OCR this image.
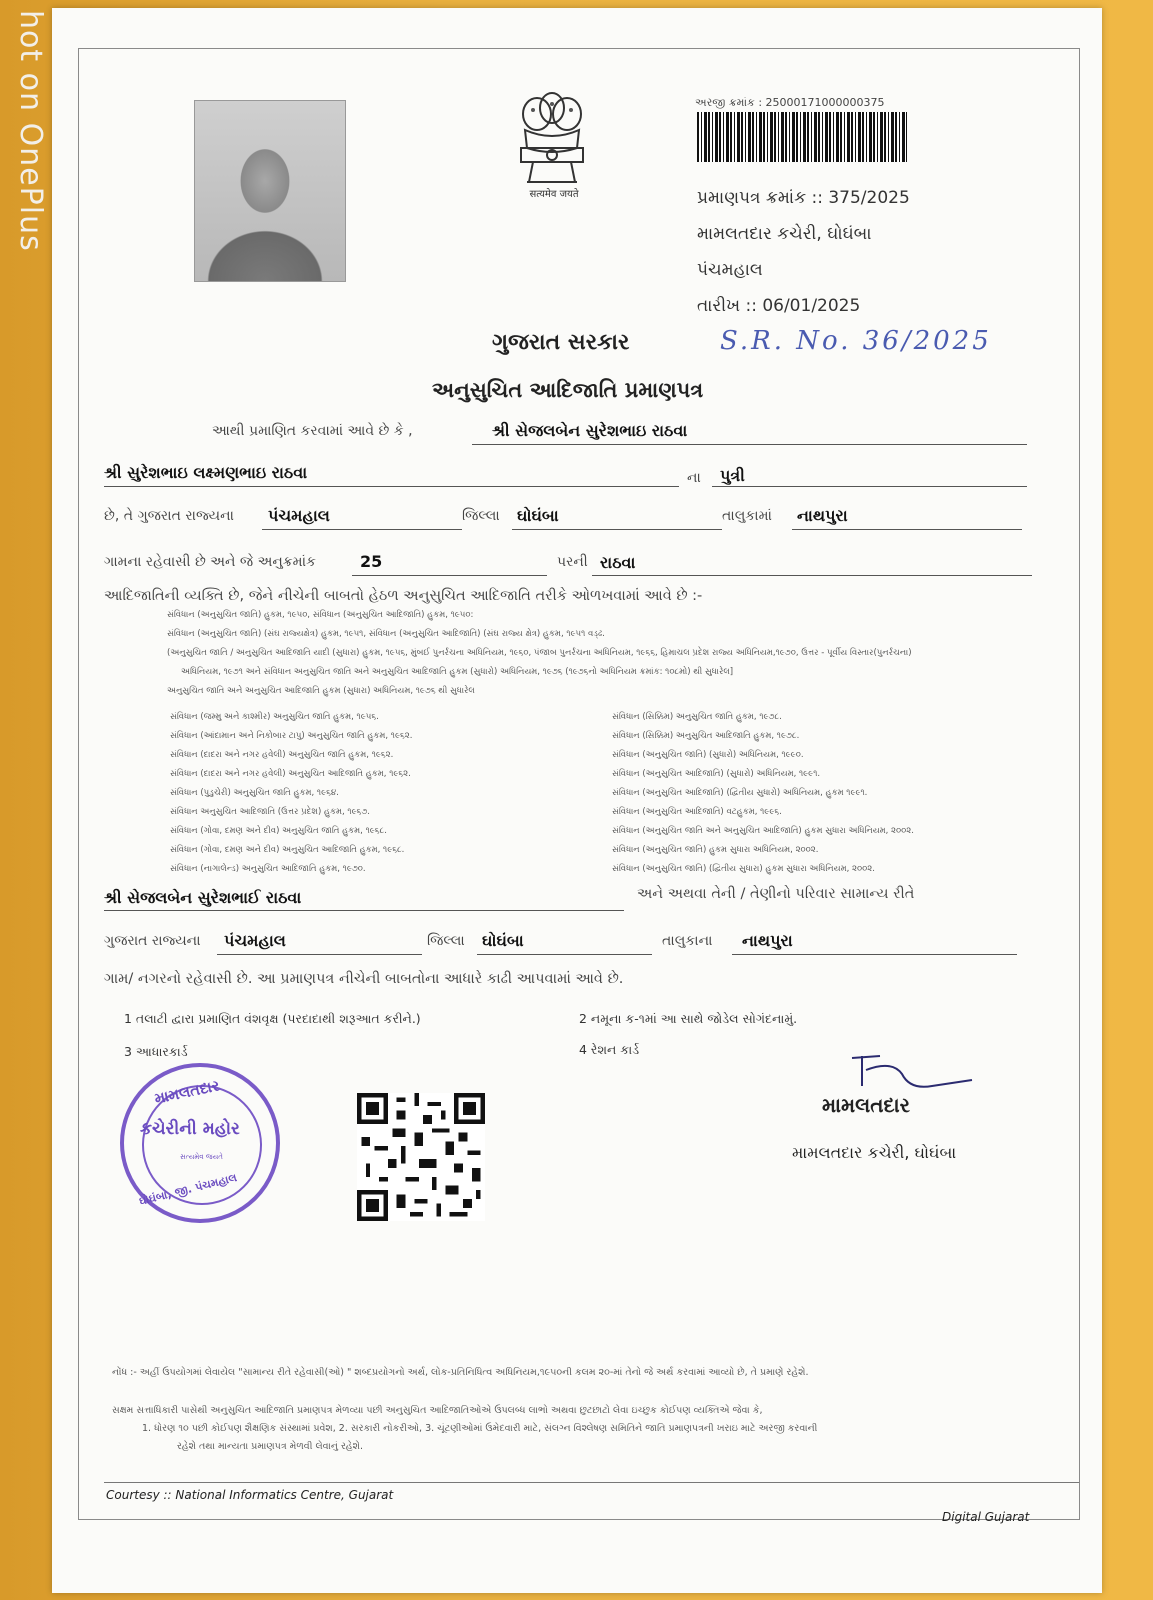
hot on OnePlus	सत्यमेव जयते
અરજી ક્રમાંક : 25000171000000375
પ્રમાણપત્ર ક્રમાંક :: 375/2025
મામલતદાર કચેરી, ઘોઘંબા
પંચમહાલ
તારીખ :: 06/01/2025
ગુજરાત સરકાર	S.R. No. 36/2025
અનુસુચિત આદિજાતિ પ્રમાણપત્ર
આથી પ્રમાણિત કરવામાં આવે છે કે ,	શ્રી સેજલબેન સુરેશભાઇ રાઠવા
શ્રી સુરેશભાઇ લક્ષ્મણભાઇ રાઠવા	ના પુત્રી
છે, તે ગુજરાત રાજ્યના પંચમહાલ	જિલ્લા ઘોઘંબા	તાલુકામાં નાથપુરા
ગામના રહેવાસી છે અને જે અનુક્રમાંક	25	પરની રાઠવા
આદિજાતિની વ્યક્તિ છે, જેને નીચેની બાબતો હેઠળ અનુસુચિત આદિજાતિ તરીકે ઓળખવામાં આવે છે :-
સંવિધાન (અનુસુચિત જાતિ) હુકમ, ૧૯૫૦, સંવિધાન (અનુસુચિત આદિજાતિ) હુકમ, ૧૯૫૦:
સંવિધાન (અનુસુચિત જાતિ) (સંઘ રાજ્યક્ષેત્ર) હુકમ, ૧૯૫૧, સંવિધાન (અનુસુચિત આદિજાતિ) (સંઘ રાજ્ય ક્ષેત્ર) હુકમ, ૧૯૫૧ વડ્ઢ.
(અનુસુચિત જાતિ / અનુસુચિત આદિજાતિ યાદી (સુધારા) હુકમ, ૧૯૫૬, મુંબઈ પુનર્રચના અધિનિયમ, ૧૯૬૦, પંજાબ પુનર્રચના અધિનિયમ, ૧૯૬૬, હિમાચલ પ્રદેશ રાજ્ય અધિનિયમ,૧૯૭૦, ઉત્તર - પૂર્વીય વિસ્તાર(પુનર્રચના)
અધિનિયમ, ૧૯૭૧ અને સંવિધાન અનુસુચિત જાતિ અને અનુસુચિત આદિજાતિ હુકમ (સુધારો) અધિનિયમ, ૧૯૭૬ (૧૯૭૬નો અધિનિયમ ક્રમાંક: ૧૦૮મો) થી સુધારેલ]
અનુસુચિત જાતિ અને અનુસુચિત આદિજાતિ હુકમ (સુધારા) અધિનિયમ, ૧૯૭૬ થી સુધારેલ
સંવિધાન (જમ્મુ અને કાશ્મીર) અનુસુચિત જાતિ હુકમ, ૧૯૫૬.
સંવિધાન (આંદામાન અને નિકોબાર ટાપુ) અનુસુચિત જાતિ હુકમ, ૧૯૬૨.
સંવિધાન (દાદરા અને નગર હવેલી) અનુસુચિત જાતિ હુકમ, ૧૯૬૨.
સંવિધાન (દાદરા અને નગર હવેલી) અનુસુચિત આદિજાતિ હુકમ, ૧૯૬૨.
સંવિધાન (પુડુચેરી) અનુસુચિત જાતિ હુકમ, ૧૯૬૪.
સંવિધાન અનુસુચિત આદિજાતિ (ઉત્તર પ્રદેશ) હુકમ, ૧૯૬૭.
સંવિધાન (ગોવા, દમણ અને દીવ) અનુસુચિત જાતિ હુકમ, ૧૯૬૮.
સંવિધાન (ગોવા, દમણ અને દીવ) અનુસુચિત આદિજાતિ હુકમ, ૧૯૬૮.
સંવિધાન (નાગાલેન્ડ) અનુસુચિત આદિજાતિ હુકમ, ૧૯૭૦.
સંવિધાન (સિક્કિમ) અનુસુચિત જાતિ હુકમ, ૧૯૭૮.
સંવિધાન (સિક્કિમ) અનુસુચિત આદિજાતિ હુકમ, ૧૯૭૮.
સંવિધાન (અનુસુચિત જાતિ) (સુધારો) અધિનિયમ, ૧૯૯૦.
સંવિધાન (અનુસુચિત આદિજાતિ) (સુધારો) અધિનિયમ, ૧૯૯૧.
સંવિધાન (અનુસુચિત આદિજાતિ) (દ્વિતીય સુધારો) અધિનિયમ, હુકમ ૧૯૯૧.
સંવિધાન (અનુસુચિત આદિજાતિ) વટહુકમ, ૧૯૯૬.
સંવિધાન (અનુસુચિત જાતિ અને અનુસુચિત આદિજાતિ) હુકમ સુધારા અધિનિયમ, ૨૦૦૨.
સંવિધાન (અનુસુચિત જાતિ) હુકમ સુધારા અધિનિયમ, ૨૦૦૨.
સંવિધાન (અનુસુચિત જાતિ) (દ્વિતીય સુધારા) હુકમ સુધારા અધિનિયમ, ૨૦૦૨.
શ્રી સેજલબેન સુરેશભાઈ રાઠવા	અને અથવા તેની / તેણીનો પરિવાર સામાન્ય રીતે
ગુજરાત રાજ્યના પંચમહાલ	જિલ્લા ઘોઘંબા	તાલુકાના નાથપુરા
ગામ/ નગરનો રહેવાસી છે. આ પ્રમાણપત્ર નીચેની બાબતોના આધારે કાઢી આપવામાં આવે છે.
1 તલાટી દ્વારા પ્રમાણિત વંશવૃક્ષ (પરદાદાથી શરૂઆત કરીને.)	2 નમૂના ક-૧માં આ સાથે જોડેલ સોગંદનામું.
3 આધારકાર્ડ	4 રેશન કાર્ડ
મામલતદાર
કચેરીની મહોર
સત્યમેવ જયતે
ઘોઘંબા, જી. પંચમહાલ
મામલતદાર
મામલતદાર કચેરી, ઘોઘંબા
નોંધ :- અહીં ઉપયોગમાં લેવાયેલ "સામાન્ય રીતે રહેવાસી(ઓ) " શબ્દપ્રયોગનો અર્થ, લોક-પ્રતિનિધિત્વ અધિનિયમ,૧૯૫૦ની કલમ ૨૦-માં તેનો જે અર્થ કરવામાં આવ્યો છે, તે પ્રમાણે રહેશે.
સક્ષમ સત્તાધિકારી પાસેથી અનુસુચિત આદિજાતિ પ્રમાણપત્ર મેળવ્યા પછી અનુસુચિત આદિજાતિઓએ ઉપલબ્ધ લાભો અથવા છુટછાટો લેવા ઇચ્છુક કોઈપણ વ્યક્તિએ જેવા કે,
1. ધોરણ ૧૦ પછી કોઈપણ શૈક્ષણિક સંસ્થામાં પ્રવેશ, 2. સરકારી નોકરીઓ, 3. ચૂંટણીઓમાં ઉમેદવારી માટે, સંલગ્ન વિશ્લેષણ સમિતિને જાતિ પ્રમાણપત્રની ખરાઇ માટે અરજી કરવાની
રહેશે તથા માન્યતા પ્રમાણપત્ર મેળવી લેવાનું રહેશે.
Courtesy :: National Informatics Centre, Gujarat
Digital Gujarat
